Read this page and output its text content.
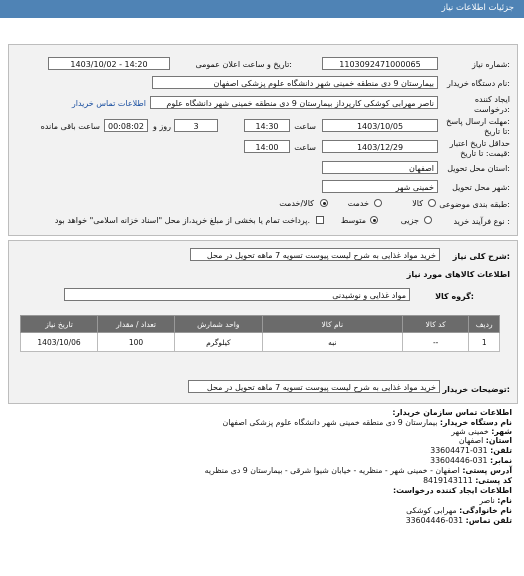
جزئیات اطلاعات نیاز
شماره نیاز:
1103092471000065
تاریخ و ساعت اعلان عمومی:
1403/10/02 - 14:20
نام دستگاه خریدار:
بیمارستان 9 دی منطقه خمینی شهر دانشگاه علوم پزشکی اصفهان
ایجاد کننده
درخواست:
ناصر مهرابی کوشکی کارپرداز بیمارستان 9 دی منطقه خمینی شهر دانشگاه علوم
اطلاعات تماس خریدار
مهلت ارسال پاسخ:
تا تاریخ:
1403/10/05
ساعت
14:30
3
روز و
00:08:02
ساعت باقی مانده
حداقل تاریخ اعتبار
قیمت: تا تاریخ:
1403/12/29
ساعت
14:00
استان محل تحویل:
اصفهان
شهر محل تحویل:
خمینی شهر
طبقه بندی موضوعی:
کالا
خدمت
کالا/خدمت
نوع فرآیند خرید :
جزیی
متوسط
پرداخت تمام یا بخشی از مبلغ خرید،از محل "اسناد خزانه اسلامی" خواهد بود.
شرح کلی نیاز:
خرید مواد غذایی به شرح لیست پیوست تسویه 7 ماهه تحویل در محل
اطلاعات کالاهای مورد نیاز
گروه کالا:
مواد غذایی و نوشیدنی
ردیف	کد کالا	نام کالا	واحد شمارش	تعداد / مقدار	تاریخ نیاز
1	--	نبه	کیلوگرم	100	1403/10/06
توضیحات خریدار:
خرید مواد غذایی به شرح لیست پیوست تسویه 7 ماهه تحویل در محل
اطلاعات تماس سازمان خریدار:
نام دستگاه خریدار: بیمارستان 9 دی منطقه خمینی شهر دانشگاه علوم پزشکی اصفهان
شهر: خمینی شهر
استان: اصفهان
تلفن: 031-33604471
نمابر: 031-33604446
آدرس پستی: اصفهان - خمینی شهر - منظریه - خیابان شیوا شرقی - بیمارستان 9 دی منظریه
کد پستی: 8419143111
اطلاعات ایجاد کننده درخواست:
نام: ناصر
نام خانوادگی: مهرابی کوشکی
تلفن تماس: 031-33604446
